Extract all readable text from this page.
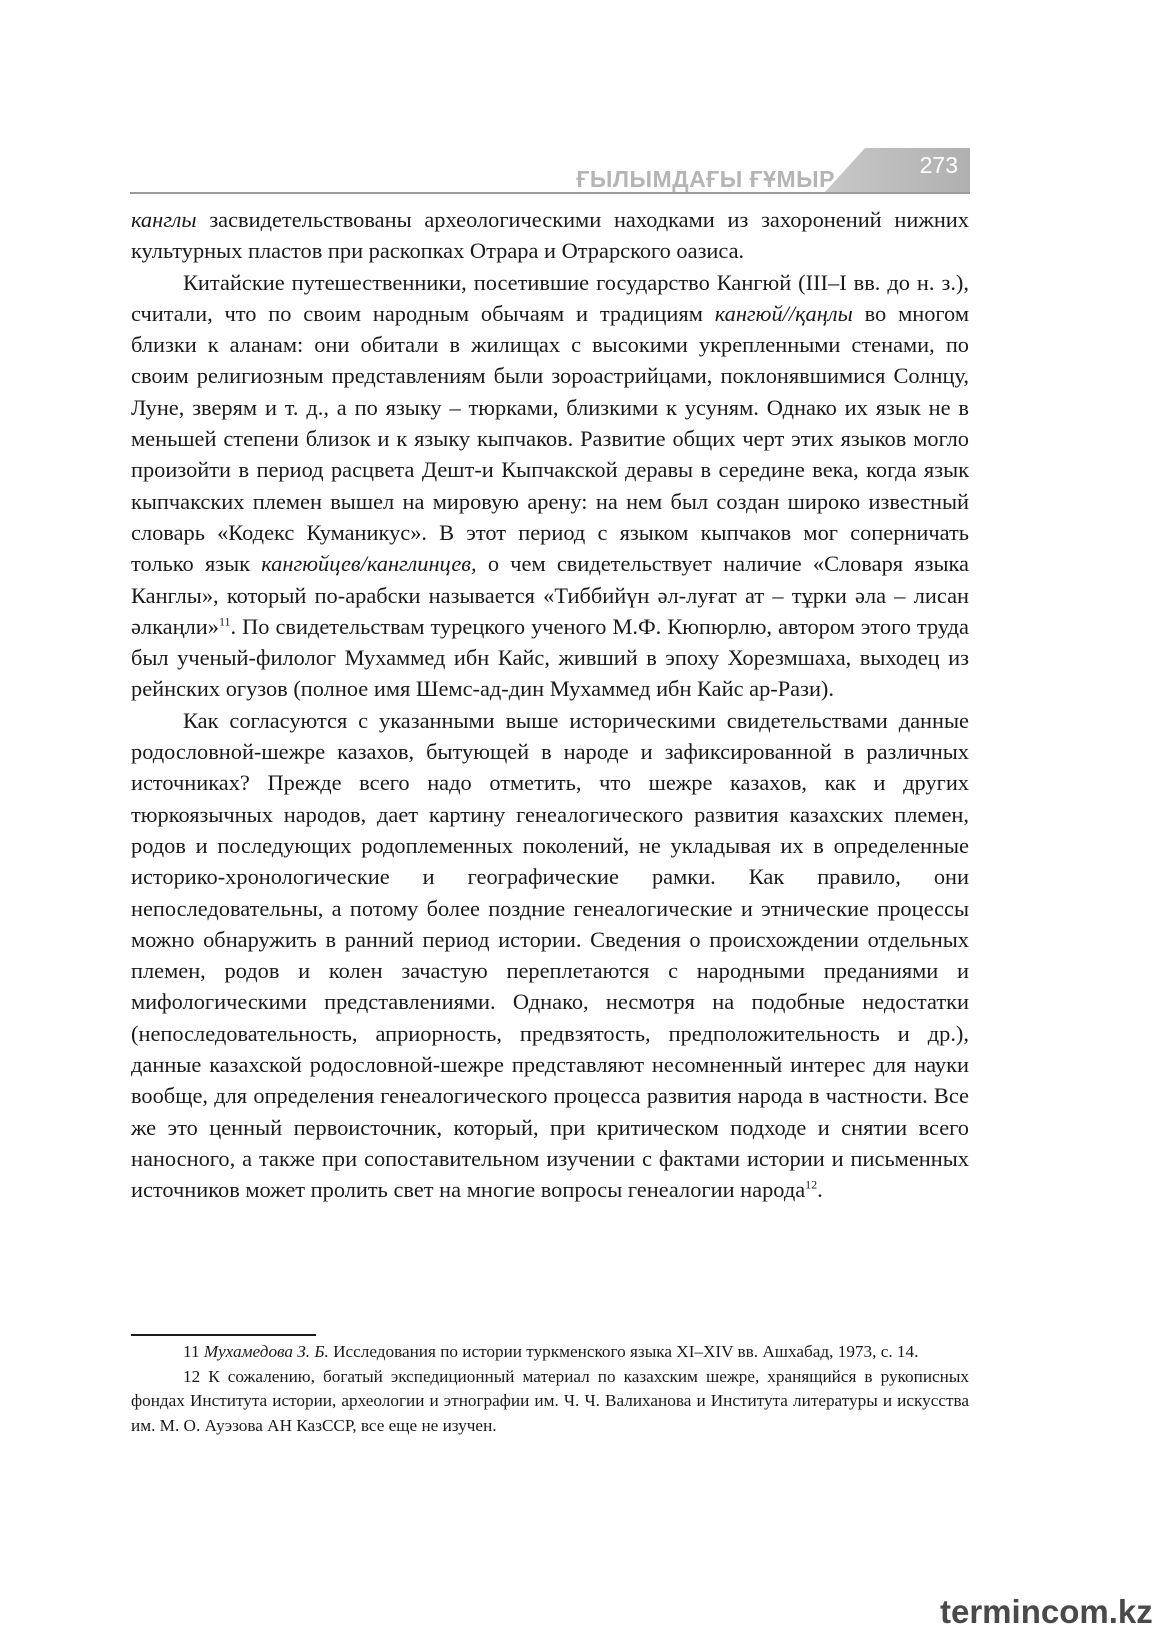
ҒЫЛЫМДАҒЫ ҒҰМЫР
273

канглы засвидетельствованы археологическими находками из захоронений нижних культурных пластов при раскопках Отрара и Отрарского оазиса.

Китайские путешественники, посетившие государство Кангюй (III–I вв. до н. з.), считали, что по своим народным обычаям и традициям кангюй//қаңлы во многом близки к аланам: они обитали в жилищах с высокими укрепленными стенами, по своим религиозным представлениям были зороастрийцами, поклонявшимися Солнцу, Луне, зверям и т. д., а по языку – тюрками, близкими к усуням. Однако их язык не в меньшей степени близок и к языку кыпчаков. Развитие общих черт этих языков могло произойти в период расцвета Дешт-и Кыпчакской деравы в середине века, когда язык кыпчакских племен вышел на мировую арену: на нем был создан широко известный словарь «Кодекс Куманикус». В этот период с языком кыпчаков мог соперничать только язык кангюйцев/канглинцев, о чем свидетельствует наличие «Словаря языка Канглы», который по-арабски называется «Тиббийүн әл-луғат ат – тұрки әла – лисан әлкаңли»$^{11}$. По свидетельствам турецкого ученого М.Ф. Кюпюрлю, автором этого труда был ученый-филолог Мухаммед ибн Кайс, живший в эпоху Хорезмшаха, выходец из рейнских огузов (полное имя Шемс-ад-дин Мухаммед ибн Кайс ар-Рази).

Как согласуются с указанными выше историческими свидетельствами данные родословной-шежре казахов, бытующей в народе и зафиксированной в различных источниках? Прежде всего надо отметить, что шежре казахов, как и других тюркоязычных народов, дает картину генеалогического развития казахских племен, родов и последующих родоплеменных поколений, не укладывая их в определенные историко-хронологические и географические рамки. Как правило, они непоследовательны, а потому более поздние генеалогические и этнические процессы можно обнаружить в ранний период истории. Сведения о происхождении отдельных племен, родов и колен зачастую переплетаются с народными преданиями и мифологическими представлениями. Однако, несмотря на подобные недостатки (непоследовательность, априорность, предвзятость, предположительность и др.), данные казахской родословной-шежре представляют несомненный интерес для науки вообще, для определения генеалогического процесса развития народа в частности. Все же это ценный первоисточник, который, при критическом подходе и снятии всего наносного, а также при сопоставительном изучении с фактами истории и письменных источников может пролить свет на многие вопросы генеалогии народа$^{12}$.

11 Мухамедова З. Б. Исследования по истории туркменского языка XI–XIV вв. Ашхабад, 1973, с. 14.

12 К сожалению, богатый экспедиционный материал по казахским шежре, хранящийся в рукописных фондах Института истории, археологии и этнографии им. Ч. Ч. Валиханова и Института литературы и искусства им. М. О. Ауэзова АН КазССР, все еще не изучен.

termincom.kz
